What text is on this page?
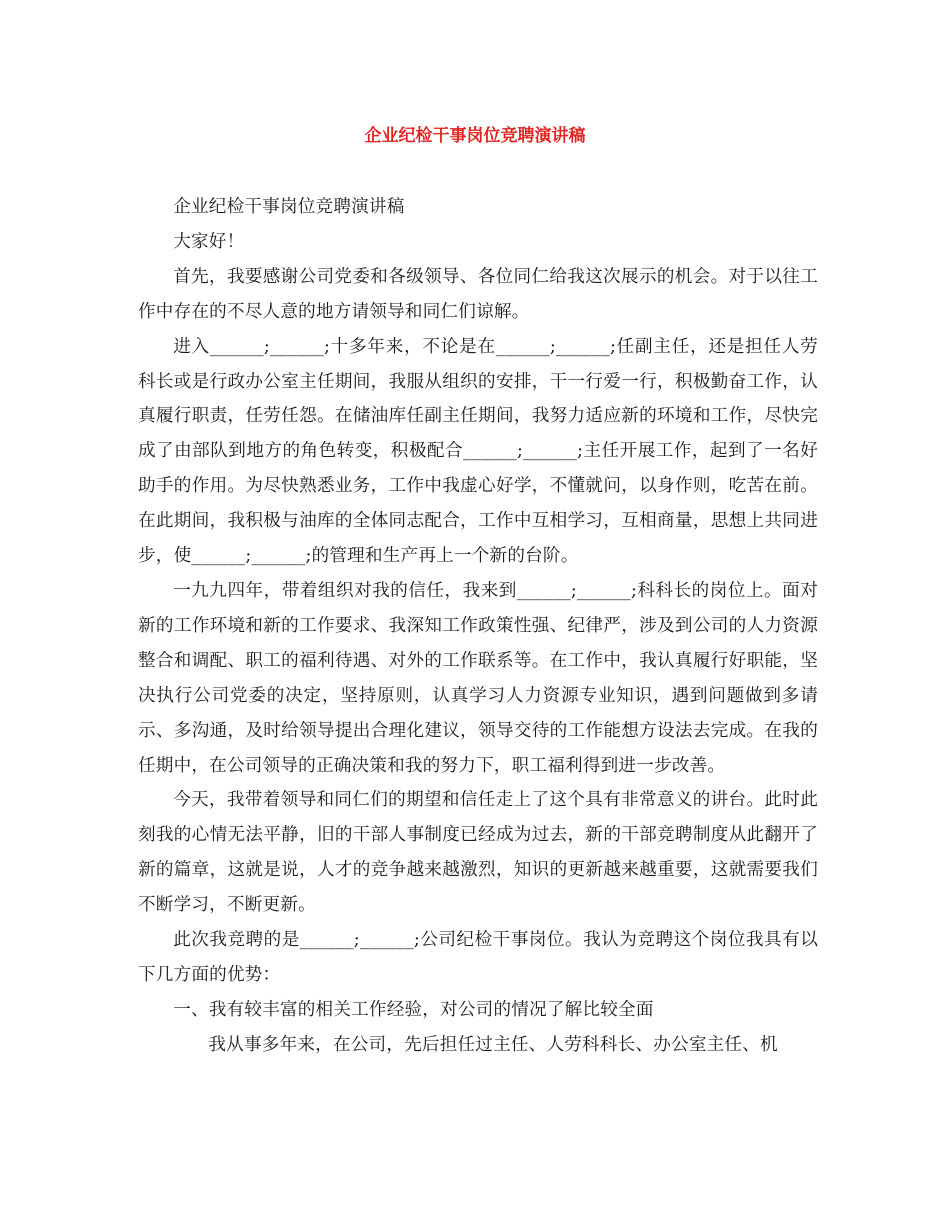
企业纪检干事岗位竞聘演讲稿

企业纪检干事岗位竞聘演讲稿

大家好！

首先，我要感谢公司党委和各级领导、各位同仁给我这次展示的机会。对于以往工作中存在的不尽人意的地方请领导和同仁们谅解。

进入______;______;十多年来，不论是在______;______;任副主任，还是担任人劳科长或是行政办公室主任期间，我服从组织的安排，干一行爱一行，积极勤奋工作，认真履行职责，任劳任怨。在储油库任副主任期间，我努力适应新的环境和工作，尽快完成了由部队到地方的角色转变，积极配合______;______;主任开展工作，起到了一名好助手的作用。为尽快熟悉业务，工作中我虚心好学，不懂就问，以身作则，吃苦在前。在此期间，我积极与油库的全体同志配合，工作中互相学习，互相商量，思想上共同进步，使______;______;的管理和生产再上一个新的台阶。

一九九四年，带着组织对我的信任，我来到______;______;科科长的岗位上。面对新的工作环境和新的工作要求、我深知工作政策性强、纪律严，涉及到公司的人力资源整合和调配、职工的福利待遇、对外的工作联系等。在工作中，我认真履行好职能，坚决执行公司党委的决定，坚持原则，认真学习人力资源专业知识，遇到问题做到多请示、多沟通，及时给领导提出合理化建议，领导交待的工作能想方设法去完成。在我的任期中，在公司领导的正确决策和我的努力下，职工福利得到进一步改善。

今天，我带着领导和同仁们的期望和信任走上了这个具有非常意义的讲台。此时此刻我的心情无法平静，旧的干部人事制度已经成为过去，新的干部竞聘制度从此翻开了新的篇章，这就是说，人才的竞争越来越激烈，知识的更新越来越重要，这就需要我们不断学习，不断更新。

此次我竞聘的是______;______;公司纪检干事岗位。我认为竞聘这个岗位我具有以下几方面的优势：

一、我有较丰富的相关工作经验，对公司的情况了解比较全面

我从事多年来，在公司，先后担任过主任、人劳科科长、办公室主任、机
